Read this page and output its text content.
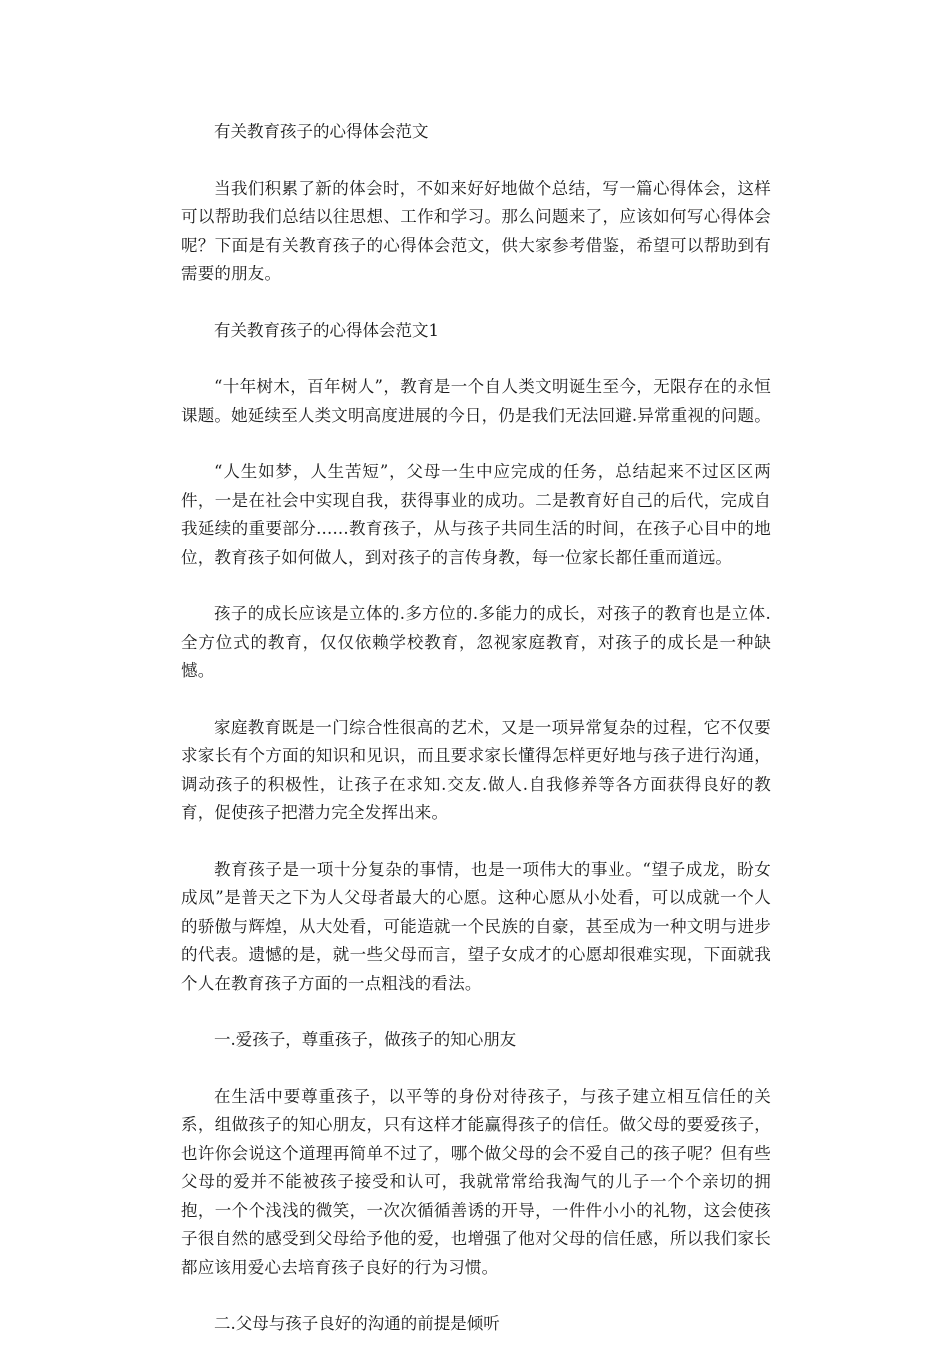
有关教育孩子的心得体会范文

当我们积累了新的体会时，不如来好好地做个总结，写一篇心得体会，这样可以帮助我们总结以往思想、工作和学习。那么问题来了，应该如何写心得体会呢？下面是有关教育孩子的心得体会范文，供大家参考借鉴，希望可以帮助到有需要的朋友。

有关教育孩子的心得体会范文1

“十年树木，百年树人”，教育是一个自人类文明诞生至今，无限存在的永恒课题。她延续至人类文明高度进展的今日，仍是我们无法回避.异常重视的问题。

“人生如梦，人生苦短”，父母一生中应完成的任务，总结起来不过区区两件，一是在社会中实现自我，获得事业的成功。二是教育好自己的后代，完成自我延续的重要部分......教育孩子，从与孩子共同生活的时间，在孩子心目中的地位，教育孩子如何做人，到对孩子的言传身教，每一位家长都任重而道远。

孩子的成长应该是立体的.多方位的.多能力的成长，对孩子的教育也是立体.全方位式的教育，仅仅依赖学校教育，忽视家庭教育，对孩子的成长是一种缺憾。

家庭教育既是一门综合性很高的艺术，又是一项异常复杂的过程，它不仅要求家长有个方面的知识和见识，而且要求家长懂得怎样更好地与孩子进行沟通，调动孩子的积极性，让孩子在求知.交友.做人.自我修养等各方面获得良好的教育，促使孩子把潜力完全发挥出来。

教育孩子是一项十分复杂的事情，也是一项伟大的事业。“望子成龙，盼女成凤”是普天之下为人父母者最大的心愿。这种心愿从小处看，可以成就一个人的骄傲与辉煌，从大处看，可能造就一个民族的自豪，甚至成为一种文明与进步的代表。遗憾的是，就一些父母而言，望子女成才的心愿却很难实现，下面就我个人在教育孩子方面的一点粗浅的看法。

一.爱孩子，尊重孩子，做孩子的知心朋友

在生活中要尊重孩子，以平等的身份对待孩子，与孩子建立相互信任的关系，组做孩子的知心朋友，只有这样才能赢得孩子的信任。做父母的要爱孩子，也许你会说这个道理再简单不过了，哪个做父母的会不爱自己的孩子呢？但有些父母的爱并不能被孩子接受和认可，我就常常给我淘气的儿子一个个亲切的拥抱，一个个浅浅的微笑，一次次循循善诱的开导，一件件小小的礼物，这会使孩子很自然的感受到父母给予他的爱，也增强了他对父母的信任感，所以我们家长都应该用爱心去培育孩子良好的行为习惯。

二.父母与孩子良好的沟通的前提是倾听
